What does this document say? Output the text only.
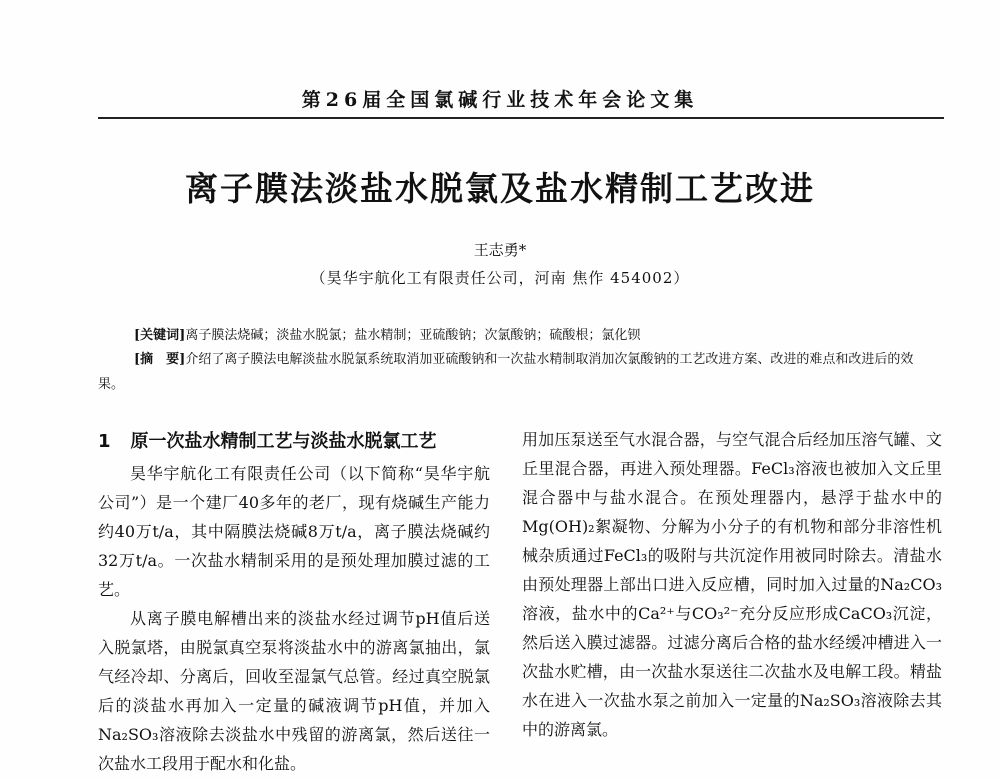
第26届全国氯碱行业技术年会论文集
离子膜法淡盐水脱氯及盐水精制工艺改进
王志勇*
（昊华宇航化工有限责任公司，河南 焦作 454002）
[关键词]离子膜法烧碱；淡盐水脱氯；盐水精制；亚硫酸钠；次氯酸钠；硫酸根；氯化钡
[摘　要]介绍了离子膜法电解淡盐水脱氯系统取消加亚硫酸钠和一次盐水精制取消加次氯酸钠的工艺改进方案、改进的难点和改进后的效果。
1 原一次盐水精制工艺与淡盐水脱氯工艺

昊华宇航化工有限责任公司（以下简称“昊华宇航公司”）是一个建厂40多年的老厂，现有烧碱生产能力约40万t/a，其中隔膜法烧碱8万t/a，离子膜法烧碱约32万t/a。一次盐水精制采用的是预处理加膜过滤的工艺。

从离子膜电解槽出来的淡盐水经过调节pH值后送入脱氯塔，由脱氯真空泵将淡盐水中的游离氯抽出，氯气经冷却、分离后，回收至湿氯气总管。经过真空脱氯后的淡盐水再加入一定量的碱液调节pH值，并加入Na₂SO₃溶液除去淡盐水中残留的游离氯，然后送往一次盐水工段用于配水和化盐。

用加压泵送至气水混合器，与空气混合后经加压溶气罐、文丘里混合器，再进入预处理器。FeCl₃溶液也被加入文丘里混合器中与盐水混合。在预处理器内，悬浮于盐水中的Mg(OH)₂絮凝物、分解为小分子的有机物和部分非溶性机械杂质通过FeCl₃的吸附与共沉淀作用被同时除去。清盐水由预处理器上部出口进入反应槽，同时加入过量的Na₂CO₃溶液，盐水中的Ca²⁺与CO₃²⁻充分反应形成CaCO₃沉淀，然后送入膜过滤器。过滤分离后合格的盐水经缓冲槽进入一次盐水贮槽，由一次盐水泵送往二次盐水及电解工段。精盐水在进入一次盐水泵之前加入一定量的Na₂SO₃溶液除去其中的游离氯。
